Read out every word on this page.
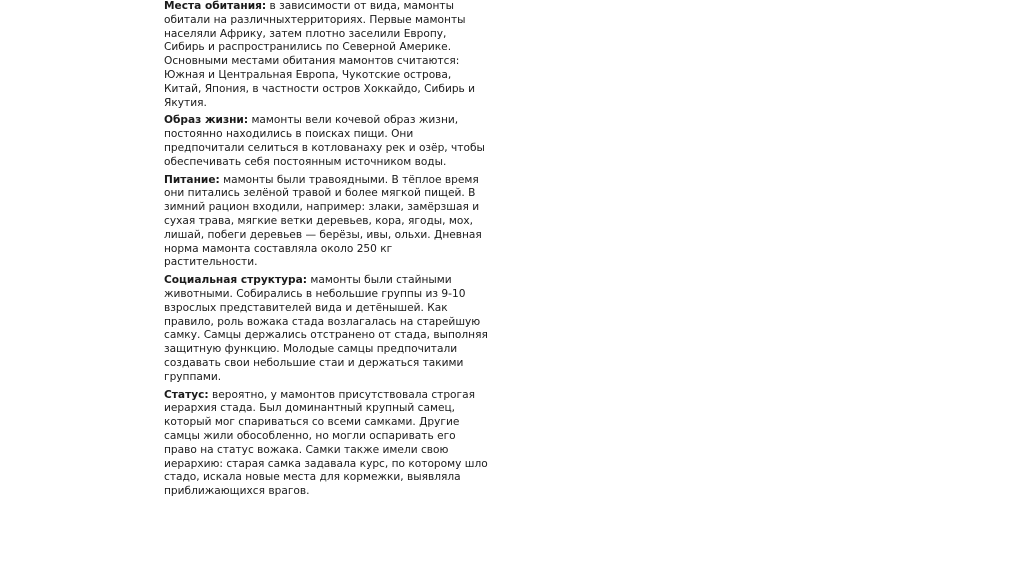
Места обитания: в зависимости от вида, мамонты
обитали на различныхтерриториях. Первые мамонты
населяли Африку, затем плотно заселили Европу,
Сибирь и распространились по Северной Америке.
Основными местами обитания мамонтов считаются:
Южная и Центральная Европа, Чукотские острова,
Китай, Япония, в частности остров Хоккайдо, Сибирь и
Якутия.

Образ жизни: мамонты вели кочевой образ жизни,
постоянно находились в поисках пищи. Они
предпочитали селиться в котлованаху рек и озёр, чтобы
обеспечивать себя постоянным источником воды.

Питание: мамонты были травоядными. В тёплое время
они питались зелёной травой и более мягкой пищей. В
зимний рацион входили, например: злаки, замёрзшая и
сухая трава, мягкие ветки деревьев, кора, ягоды, мох,
лишай, побеги деревьев — берёзы, ивы, ольхи. Дневная
норма мамонта составляла около 250 кг растительности.

Социальная структура: мамонты были стайными
животными. Собирались в небольшие группы из 9-10
взрослых представителей вида и детёнышей. Как
правило, роль вожака стада возлагалась на старейшую
самку. Самцы держались отстранено от стада, выполняя
защитную функцию. Молодые самцы предпочитали
создавать свои небольшие стаи и держаться такими
группами.

Статус: вероятно, у мамонтов присутствовала строгая
иерархия стада. Был доминантный крупный самец,
который мог спариваться со всеми самками. Другие
самцы жили обособленно, но могли оспаривать его
право на статус вожака. Самки также имели свою
иерархию: старая самка задавала курс, по которому шло
стадо, искала новые места для кормежки, выявляла
приближающихся врагов.
